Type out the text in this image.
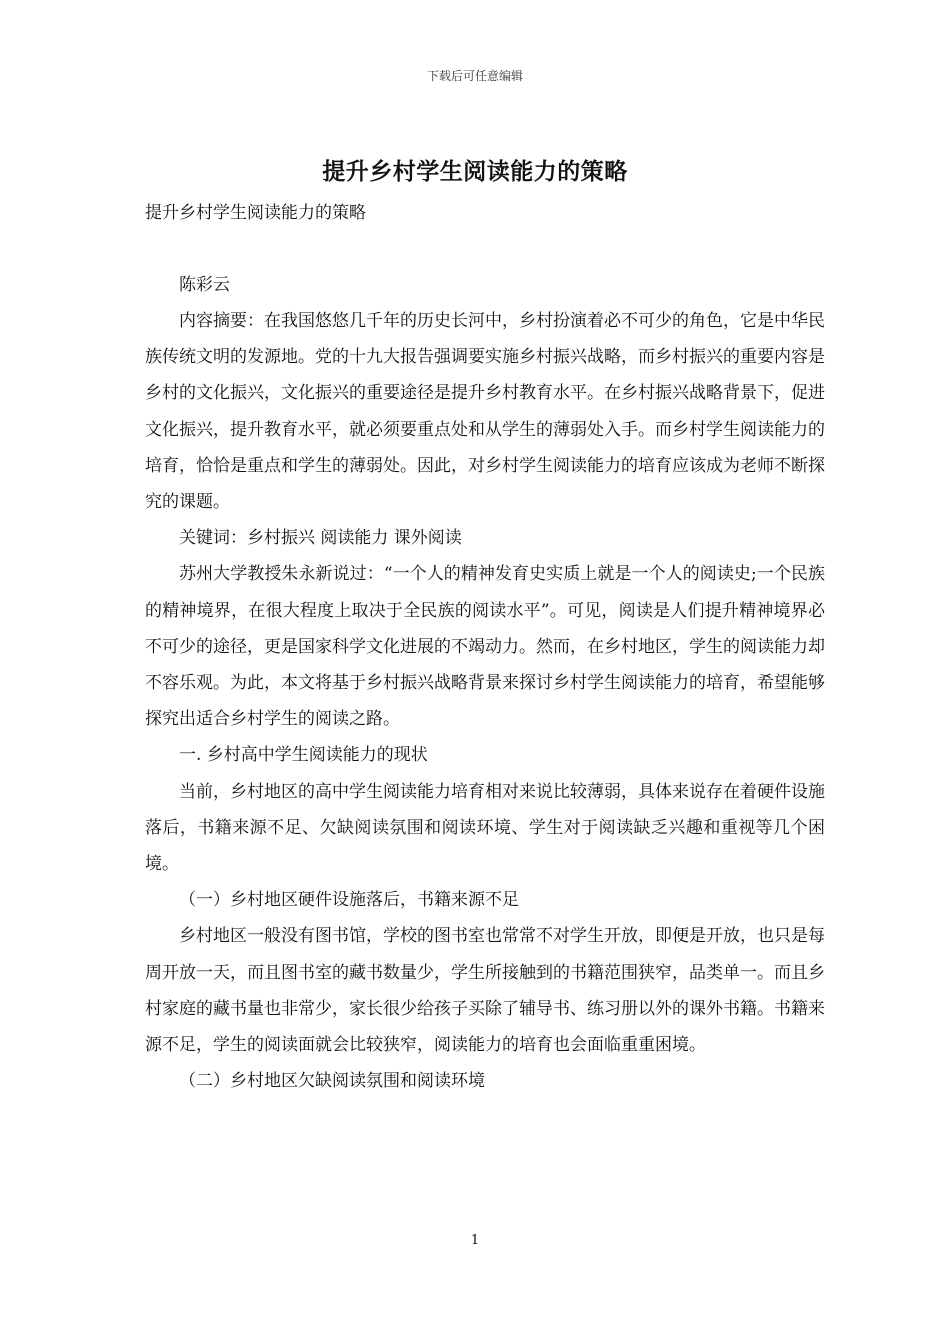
下载后可任意编辑
提升乡村学生阅读能力的策略
提升乡村学生阅读能力的策略

陈彩云

内容摘要：在我国悠悠几千年的历史长河中，乡村扮演着必不可少的角色，它是中华民族传统文明的发源地。党的十九大报告强调要实施乡村振兴战略，而乡村振兴的重要内容是乡村的文化振兴，文化振兴的重要途径是提升乡村教育水平。在乡村振兴战略背景下，促进文化振兴，提升教育水平，就必须要重点处和从学生的薄弱处入手。而乡村学生阅读能力的培育，恰恰是重点和学生的薄弱处。因此，对乡村学生阅读能力的培育应该成为老师不断探究的课题。

关键词：乡村振兴 阅读能力 课外阅读

苏州大学教授朱永新说过：“一个人的精神发育史实质上就是一个人的阅读史;一个民族的精神境界，在很大程度上取决于全民族的阅读水平”。可见，阅读是人们提升精神境界必不可少的途径，更是国家科学文化进展的不竭动力。然而，在乡村地区，学生的阅读能力却不容乐观。为此，本文将基于乡村振兴战略背景来探讨乡村学生阅读能力的培育，希望能够探究出适合乡村学生的阅读之路。

一. 乡村高中学生阅读能力的现状

当前，乡村地区的高中学生阅读能力培育相对来说比较薄弱，具体来说存在着硬件设施落后，书籍来源不足、欠缺阅读氛围和阅读环境、学生对于阅读缺乏兴趣和重视等几个困境。

（一）乡村地区硬件设施落后，书籍来源不足

乡村地区一般没有图书馆，学校的图书室也常常不对学生开放，即便是开放，也只是每周开放一天，而且图书室的藏书数量少，学生所接触到的书籍范围狭窄，品类单一。而且乡村家庭的藏书量也非常少，家长很少给孩子买除了辅导书、练习册以外的课外书籍。书籍来源不足，学生的阅读面就会比较狭窄，阅读能力的培育也会面临重重困境。

（二）乡村地区欠缺阅读氛围和阅读环境

1
